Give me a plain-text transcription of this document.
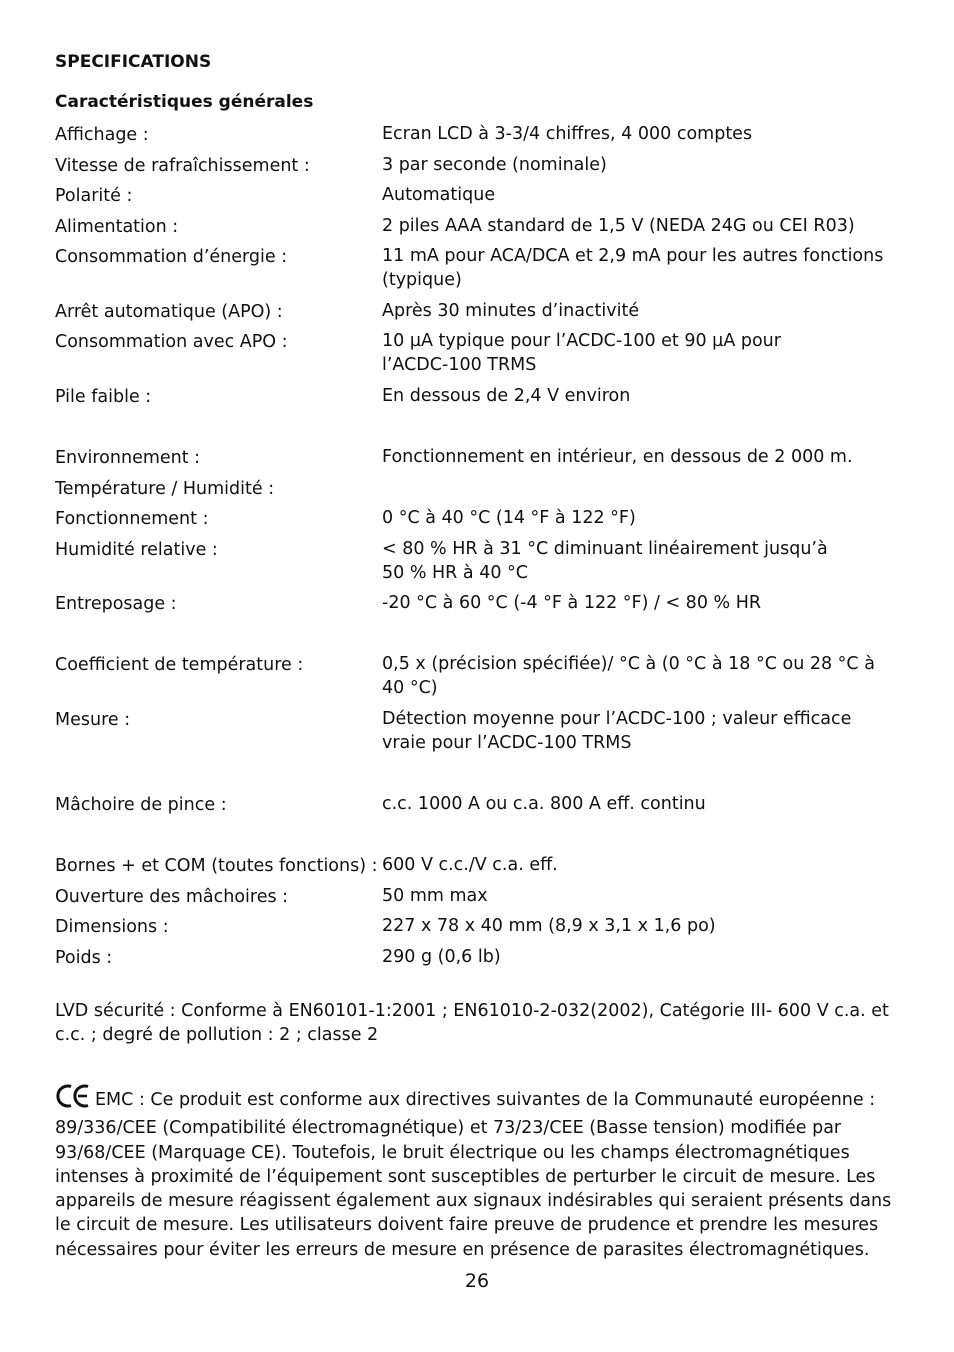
SPECIFICATIONS
Caractéristiques générales
Affichage :	Ecran LCD à 3-3/4 chiffres, 4 000 comptes
Vitesse de rafraîchissement :	3 par seconde (nominale)
Polarité :	Automatique
Alimentation :	2 piles AAA standard de 1,5 V (NEDA 24G ou CEI R03)
Consommation d’énergie :	11 mA pour ACA/DCA et 2,9 mA pour les autres fonctions
(typique)
Arrêt automatique (APO) :	Après 30 minutes d’inactivité
Consommation avec APO :	10 µA typique pour l’ACDC-100 et 90 µA pour
l’ACDC-100 TRMS
Pile faible :	En dessous de 2,4 V environ
Environnement :	Fonctionnement en intérieur, en dessous de 2 000 m.
Température / Humidité :
Fonctionnement :	0 °C à 40 °C (14 °F à 122 °F)
Humidité relative :	< 80 % HR à 31 °C diminuant linéairement jusqu’à
50 % HR à 40 °C
Entreposage :	-20 °C à 60 °C (-4 °F à 122 °F) / < 80 % HR
Coefficient de température :	0,5 x (précision spécifiée)/ °C à (0 °C à 18 °C ou 28 °C à
40 °C)
Mesure :	Détection moyenne pour l’ACDC-100 ; valeur efficace
vraie pour l’ACDC-100 TRMS
Mâchoire de pince :	c.c. 1000 A ou c.a. 800 A eff. continu
Bornes + et COM (toutes fonctions) : 600 V c.c./V c.a. eff.
Ouverture des mâchoires :	50 mm max
Dimensions :	227 x 78 x 40 mm (8,9 x 3,1 x 1,6 po)
Poids :	290 g (0,6 lb)
LVD sécurité : Conforme à EN60101-1:2001 ; EN61010-2-032(2002), Catégorie III- 600 V c.a. et c.c. ; degré de pollution : 2 ; classe 2
EMC : Ce produit est conforme aux directives suivantes de la Communauté européenne : 89/336/CEE (Compatibilité électromagnétique) et 73/23/CEE (Basse tension) modifiée par 93/68/CEE (Marquage CE). Toutefois, le bruit électrique ou les champs électromagnétiques intenses à proximité de l’équipement sont susceptibles de perturber le circuit de mesure. Les appareils de mesure réagissent également aux signaux indésirables qui seraient présents dans le circuit de mesure. Les utilisateurs doivent faire preuve de prudence et prendre les mesures nécessaires pour éviter les erreurs de mesure en présence de parasites électromagnétiques.
26
